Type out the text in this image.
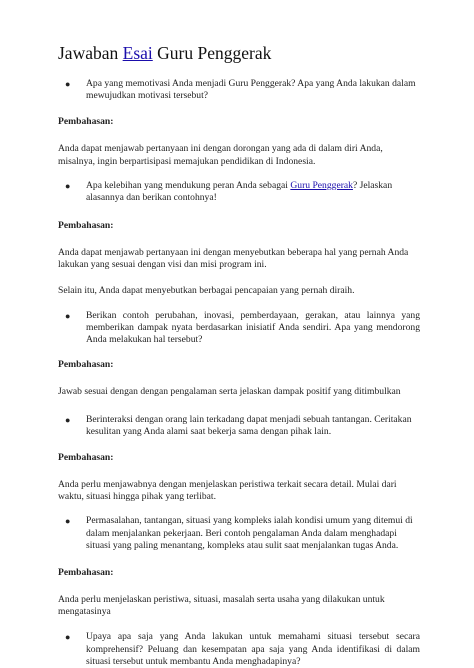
Jawaban Esai Guru Penggerak
● Apa yang memotivasi Anda menjadi Guru Penggerak? Apa yang Anda lakukan dalam mewujudkan motivasi tersebut?

Pembahasan:

Anda dapat menjawab pertanyaan ini dengan dorongan yang ada di dalam diri Anda, misalnya, ingin berpartisipasi memajukan pendidikan di Indonesia.

● Apa kelebihan yang mendukung peran Anda sebagai Guru Penggerak? Jelaskan alasannya dan berikan contohnya!

Pembahasan:

Anda dapat menjawab pertanyaan ini dengan menyebutkan beberapa hal yang pernah Anda lakukan yang sesuai dengan visi dan misi program ini.

Selain itu, Anda dapat menyebutkan berbagai pencapaian yang pernah diraih.

● Berikan contoh perubahan, inovasi, pemberdayaan, gerakan, atau lainnya yang memberikan dampak nyata berdasarkan inisiatif Anda sendiri. Apa yang mendorong Anda melakukan hal tersebut?

Pembahasan:

Jawab sesuai dengan dengan pengalaman serta jelaskan dampak positif yang ditimbulkan

● Berinteraksi dengan orang lain terkadang dapat menjadi sebuah tantangan. Ceritakan kesulitan yang Anda alami saat bekerja sama dengan pihak lain.

Pembahasan:

Anda perlu menjawabnya dengan menjelaskan peristiwa terkait secara detail. Mulai dari waktu, situasi hingga pihak yang terlibat.

● Permasalahan, tantangan, situasi yang kompleks ialah kondisi umum yang ditemui di dalam menjalankan pekerjaan. Beri contoh pengalaman Anda dalam menghadapi situasi yang paling menantang, kompleks atau sulit saat menjalankan tugas Anda.

Pembahasan:

Anda perlu menjelaskan peristiwa, situasi, masalah serta usaha yang dilakukan untuk mengatasinya

● Upaya apa saja yang Anda lakukan untuk memahami situasi tersebut secara komprehensif? Peluang dan kesempatan apa saja yang Anda identifikasi di dalam situasi tersebut untuk membantu Anda menghadapinya?
